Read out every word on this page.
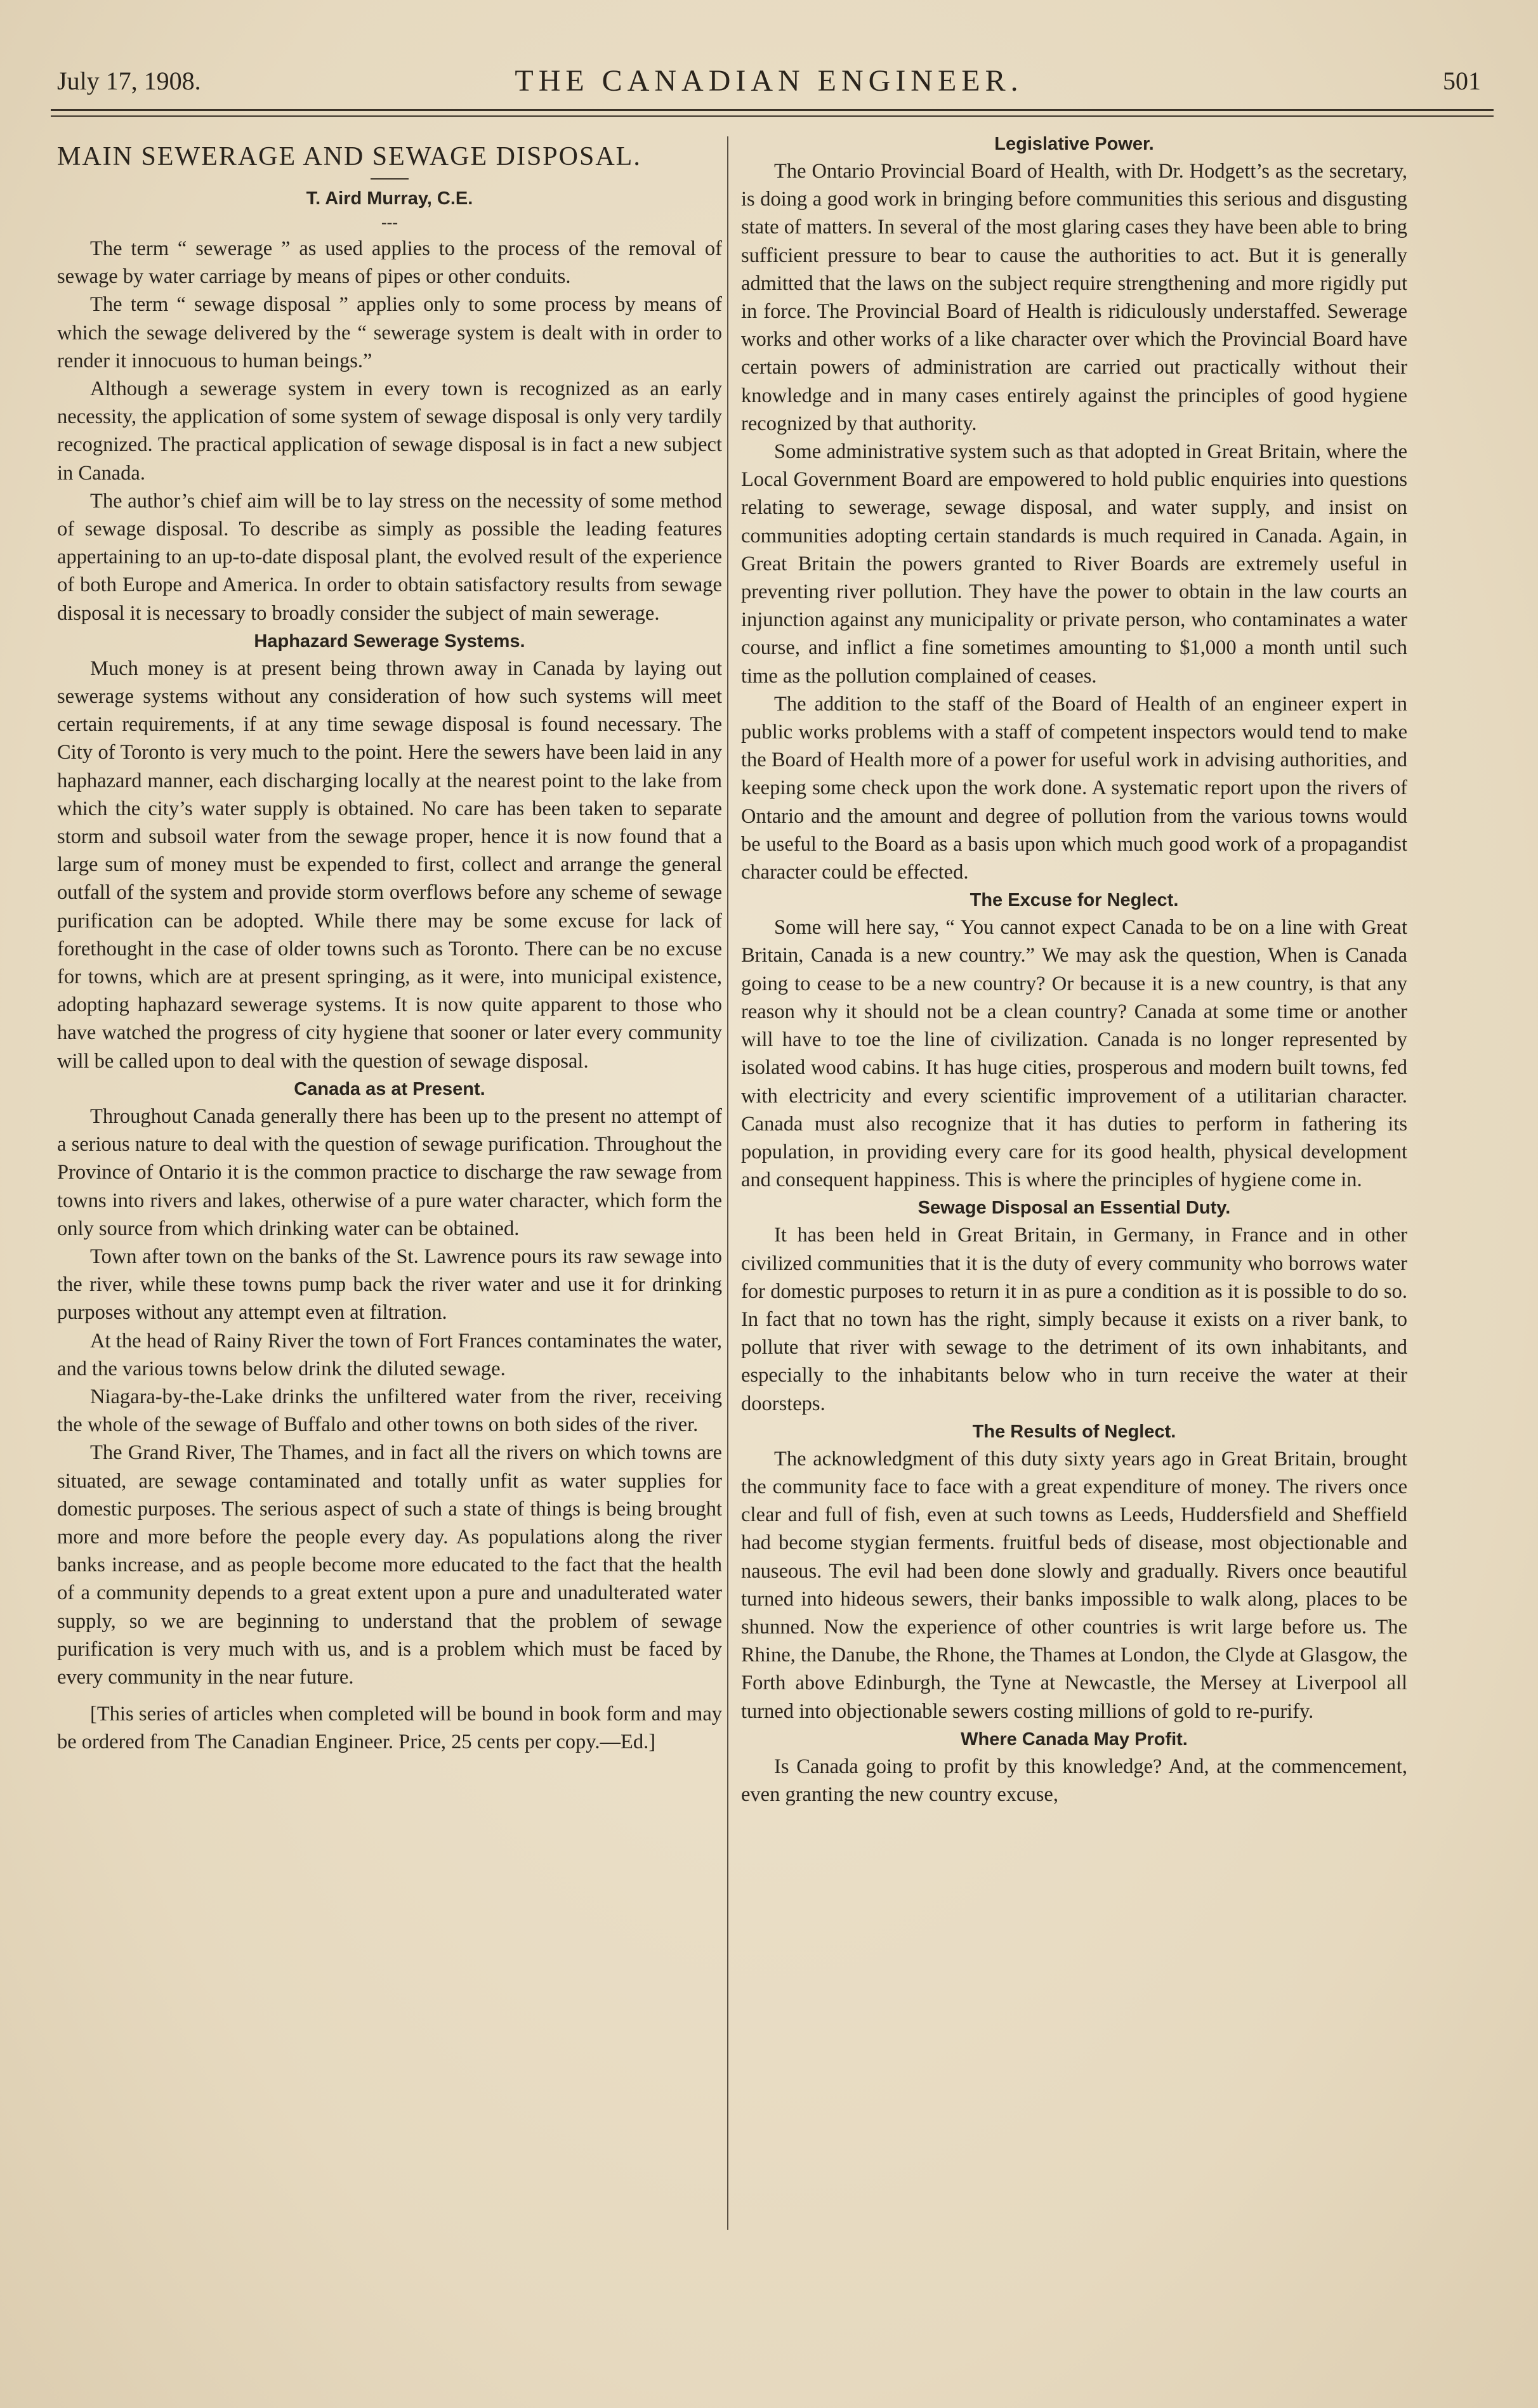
July 17, 1908.	THE CANADIAN ENGINEER.	501
MAIN SEWERAGE AND SEWAGE DISPOSAL.
T. Aird Murray, C.E.
---

The term “ sewerage ” as used applies to the process of the removal of sewage by water carriage by means of pipes or other conduits.

The term “ sewage disposal ” applies only to some process by means of which the sewage delivered by the “ sewerage system is dealt with in order to render it innocuous to human beings.”

Although a sewerage system in every town is recognized as an early necessity, the application of some system of sewage disposal is only very tardily recognized. The practical application of sewage disposal is in fact a new subject in Canada.

The author’s chief aim will be to lay stress on the necessity of some method of sewage disposal. To describe as simply as possible the leading features appertaining to an up-to-date disposal plant, the evolved result of the experience of both Europe and America. In order to obtain satisfactory results from sewage disposal it is necessary to broadly consider the subject of main sewerage.

Haphazard Sewerage Systems.

Much money is at present being thrown away in Canada by laying out sewerage systems without any consideration of how such systems will meet certain requirements, if at any time sewage disposal is found necessary. The City of Toronto is very much to the point. Here the sewers have been laid in any haphazard manner, each discharging locally at the nearest point to the lake from which the city’s water supply is obtained. No care has been taken to separate storm and subsoil water from the sewage proper, hence it is now found that a large sum of money must be expended to first, collect and arrange the general outfall of the system and provide storm overflows before any scheme of sewage purification can be adopted. While there may be some excuse for lack of forethought in the case of older towns such as Toronto. There can be no excuse for towns, which are at present springing, as it were, into municipal existence, adopting haphazard sewerage systems. It is now quite apparent to those who have watched the progress of city hygiene that sooner or later every community will be called upon to deal with the question of sewage disposal.

Canada as at Present.

Throughout Canada generally there has been up to the present no attempt of a serious nature to deal with the question of sewage purification. Throughout the Province of Ontario it is the common practice to discharge the raw sewage from towns into rivers and lakes, otherwise of a pure water character, which form the only source from which drinking water can be obtained.

Town after town on the banks of the St. Lawrence pours its raw sewage into the river, while these towns pump back the river water and use it for drinking purposes without any attempt even at filtration.

At the head of Rainy River the town of Fort Frances contaminates the water, and the various towns below drink the diluted sewage.

Niagara-by-the-Lake drinks the unfiltered water from the river, receiving the whole of the sewage of Buffalo and other towns on both sides of the river.

The Grand River, The Thames, and in fact all the rivers on which towns are situated, are sewage contaminated and totally unfit as water supplies for domestic purposes. The serious aspect of such a state of things is being brought more and more before the people every day. As populations along the river banks increase, and as people become more educated to the fact that the health of a community depends to a great extent upon a pure and unadulterated water supply, so we are beginning to understand that the problem of sewage purification is very much with us, and is a problem which must be faced by every community in the near future.

[This series of articles when completed will be bound in book form and may be ordered from The Canadian Engineer. Price, 25 cents per copy.—Ed.]

Legislative Power.

The Ontario Provincial Board of Health, with Dr. Hodgett’s as the secretary, is doing a good work in bringing before communities this serious and disgusting state of matters. In several of the most glaring cases they have been able to bring sufficient pressure to bear to cause the authorities to act. But it is generally admitted that the laws on the subject require strengthening and more rigidly put in force. The Provincial Board of Health is ridiculously understaffed. Sewerage works and other works of a like character over which the Provincial Board have certain powers of administration are carried out practically without their knowledge and in many cases entirely against the principles of good hygiene recognized by that authority.

Some administrative system such as that adopted in Great Britain, where the Local Government Board are empowered to hold public enquiries into questions relating to sewerage, sewage disposal, and water supply, and insist on communities adopting certain standards is much required in Canada. Again, in Great Britain the powers granted to River Boards are extremely useful in preventing river pollution. They have the power to obtain in the law courts an injunction against any municipality or private person, who contaminates a water course, and inflict a fine sometimes amounting to $1,000 a month until such time as the pollution complained of ceases.

The addition to the staff of the Board of Health of an engineer expert in public works problems with a staff of competent inspectors would tend to make the Board of Health more of a power for useful work in advising authorities, and keeping some check upon the work done. A systematic report upon the rivers of Ontario and the amount and degree of pollution from the various towns would be useful to the Board as a basis upon which much good work of a propagandist character could be effected.

The Excuse for Neglect.

Some will here say, “ You cannot expect Canada to be on a line with Great Britain, Canada is a new country.” We may ask the question, When is Canada going to cease to be a new country? Or because it is a new country, is that any reason why it should not be a clean country? Canada at some time or another will have to toe the line of civilization. Canada is no longer represented by isolated wood cabins. It has huge cities, prosperous and modern built towns, fed with electricity and every scientific improvement of a utilitarian character. Canada must also recognize that it has duties to perform in fathering its population, in providing every care for its good health, physical development and consequent happiness. This is where the principles of hygiene come in.

Sewage Disposal an Essential Duty.

It has been held in Great Britain, in Germany, in France and in other civilized communities that it is the duty of every community who borrows water for domestic purposes to return it in as pure a condition as it is possible to do so. In fact that no town has the right, simply because it exists on a river bank, to pollute that river with sewage to the detriment of its own inhabitants, and especially to the inhabitants below who in turn receive the water at their doorsteps.

The Results of Neglect.

The acknowledgment of this duty sixty years ago in Great Britain, brought the community face to face with a great expenditure of money. The rivers once clear and full of fish, even at such towns as Leeds, Huddersfield and Sheffield had become stygian ferments. fruitful beds of disease, most objectionable and nauseous. The evil had been done slowly and gradually. Rivers once beautiful turned into hideous sewers, their banks impossible to walk along, places to be shunned. Now the experience of other countries is writ large before us. The Rhine, the Danube, the Rhone, the Thames at London, the Clyde at Glasgow, the Forth above Edinburgh, the Tyne at Newcastle, the Mersey at Liverpool all turned into objectionable sewers costing millions of gold to re-purify.

Where Canada May Profit.

Is Canada going to profit by this knowledge? And, at the commencement, even granting the new country excuse,
